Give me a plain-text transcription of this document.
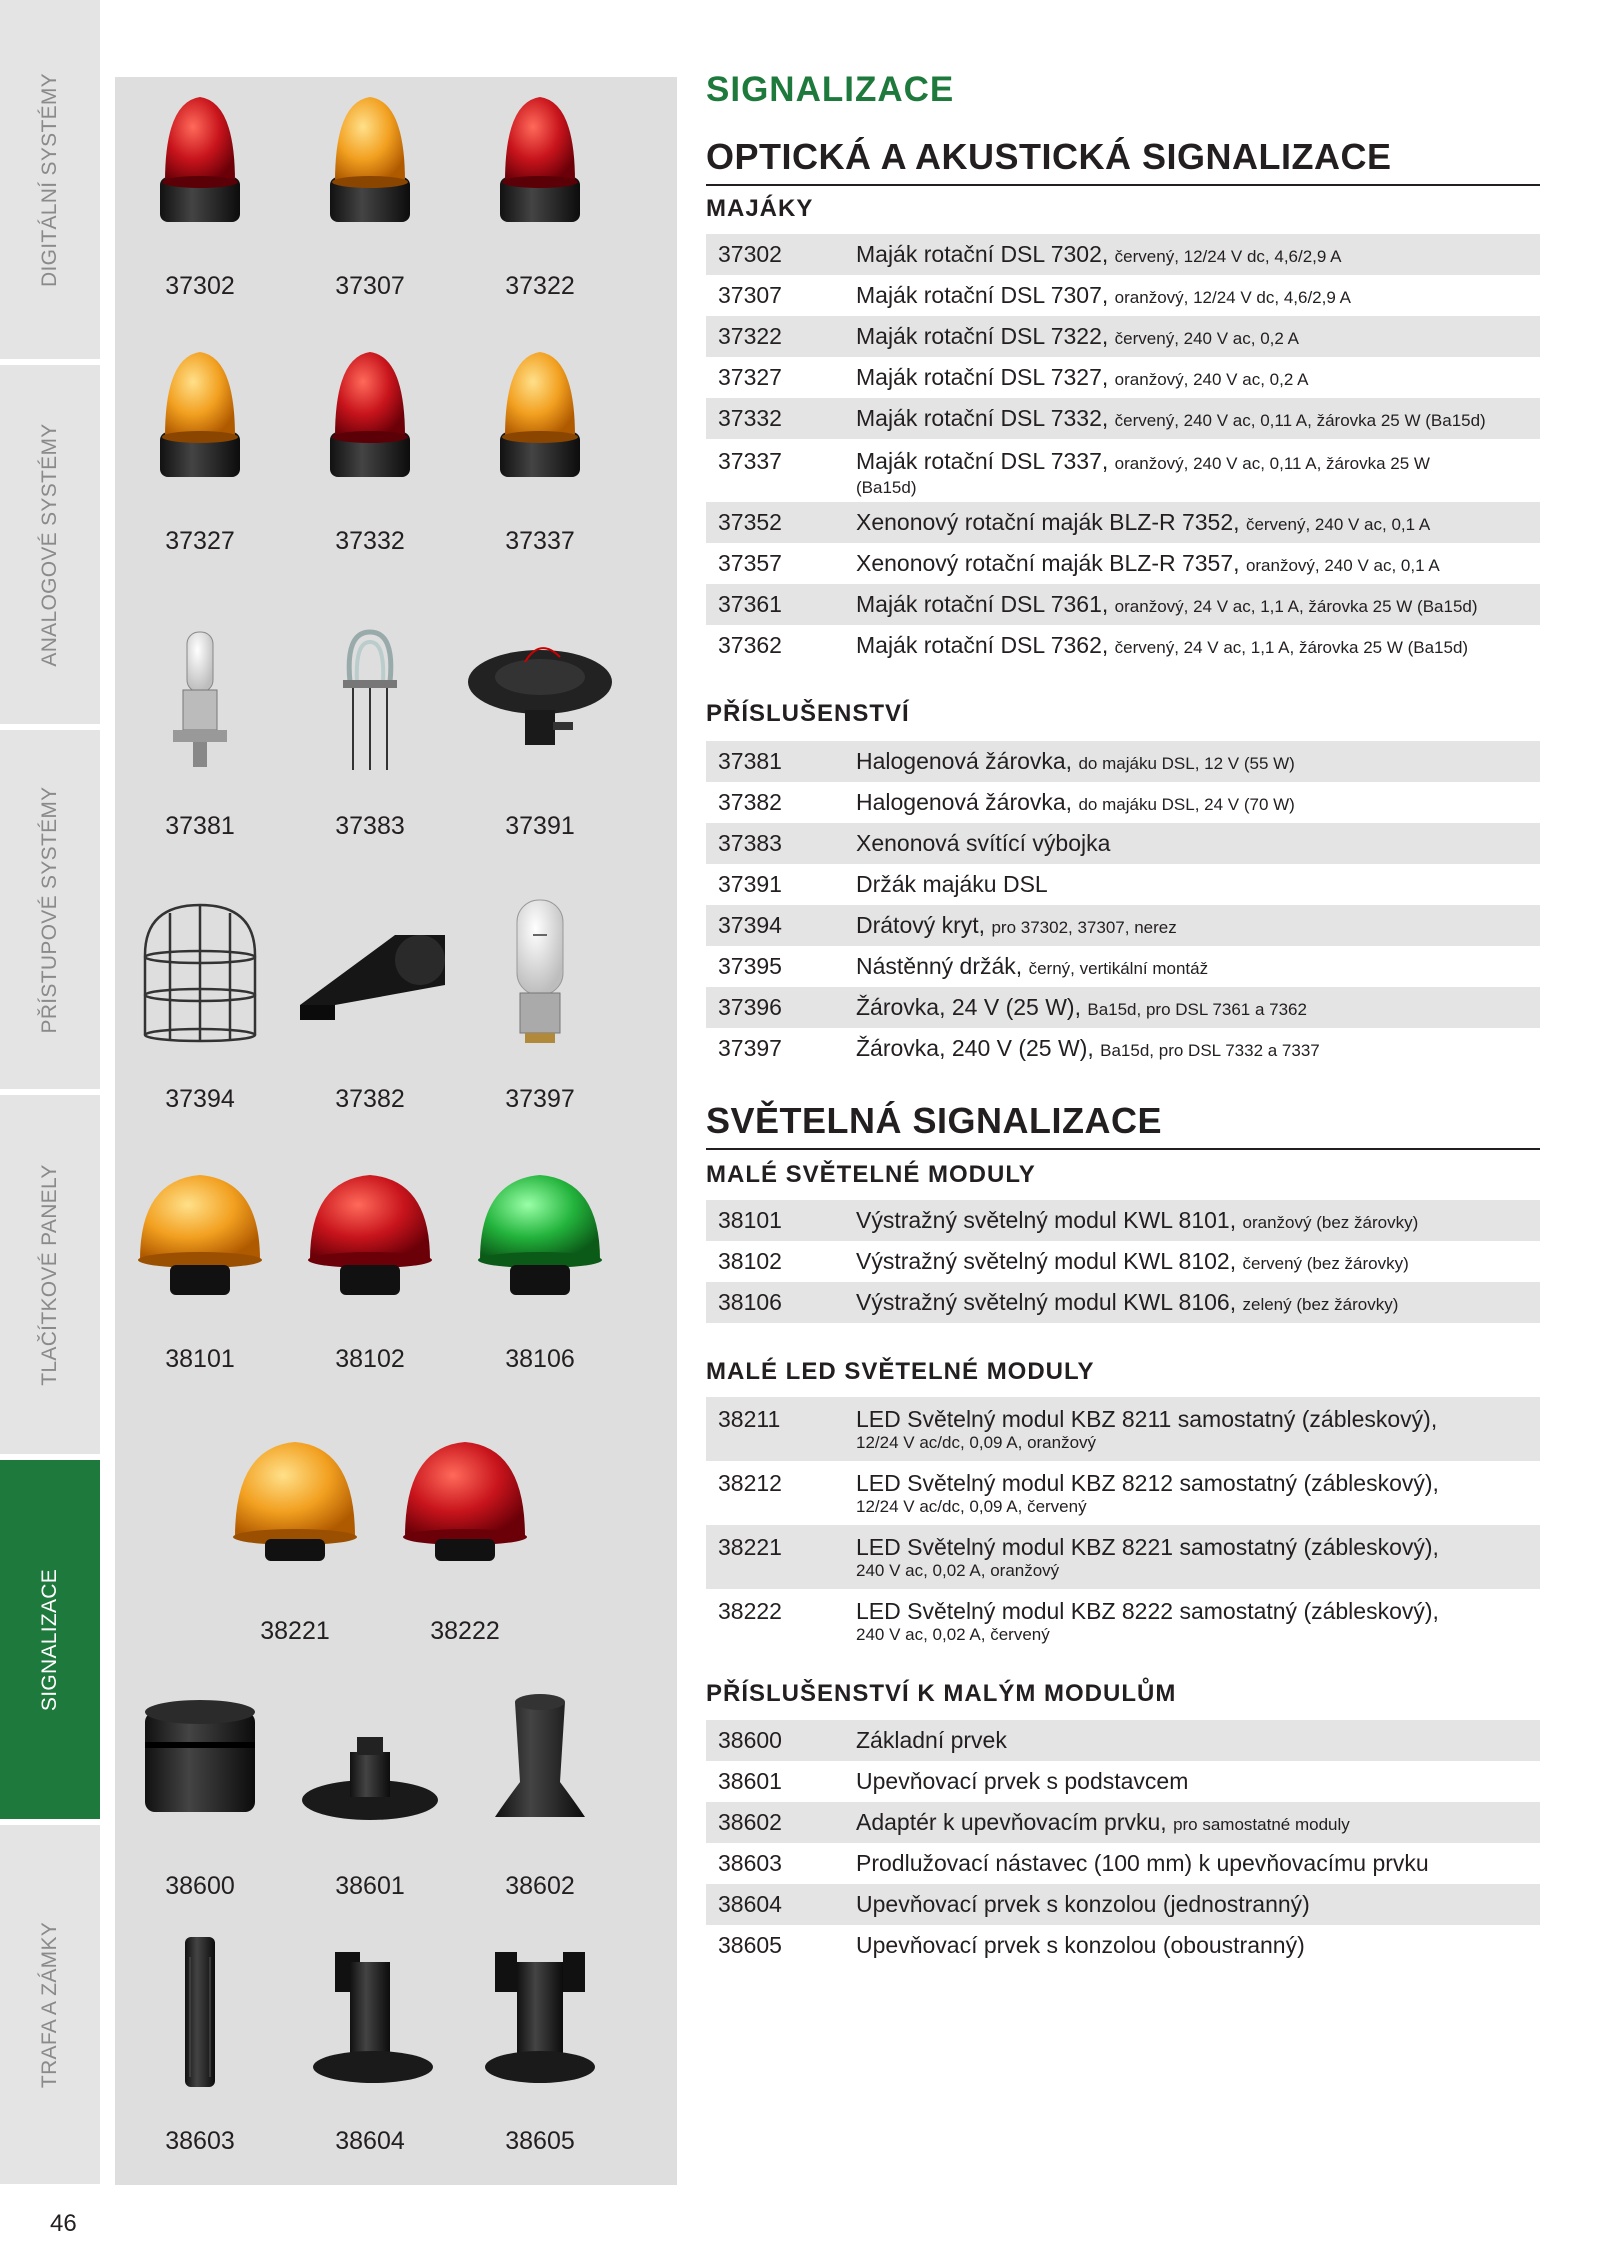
DIGITÁLNÍ SYSTÉMY
ANALOGOVÉ SYSTÉMY
PŘÍSTUPOVÉ SYSTÉMY
TLAČÍTKOVÉ PANELY
SIGNALIZACE
TRAFA A ZÁMKY
46
37302	37307	37322
37327	37332	37337
37381	37383	37391
37394	37382	37397
38101	38102	38106
38221	38222
38600	38601	38602
38603	38604	38605
SIGNALIZACE
OPTICKÁ A AKUSTICKÁ SIGNALIZACE
MAJÁKY
37302	Maják rotační DSL 7302, červený, 12/24 V dc, 4,6/2,9 A
37307	Maják rotační DSL 7307, oranžový, 12/24 V dc, 4,6/2,9 A
37322	Maják rotační DSL 7322, červený, 240 V ac, 0,2 A
37327	Maják rotační DSL 7327, oranžový, 240 V ac, 0,2 A
37332	Maják rotační DSL 7332, červený, 240 V ac, 0,11 A, žárovka 25 W (Ba15d)
37337	Maják rotační DSL 7337, oranžový, 240 V ac, 0,11 A, žárovka 25 W
(Ba15d)
37352	Xenonový rotační maják BLZ-R 7352, červený, 240 V ac, 0,1 A
37357	Xenonový rotační maják BLZ-R 7357, oranžový, 240 V ac, 0,1 A
37361	Maják rotační DSL 7361, oranžový, 24 V ac, 1,1 A, žárovka 25 W (Ba15d)
37362	Maják rotační DSL 7362, červený, 24 V ac, 1,1 A, žárovka 25 W (Ba15d)
PŘÍSLUŠENSTVÍ
37381	Halogenová žárovka, do majáku DSL, 12 V (55 W)
37382	Halogenová žárovka, do majáku DSL, 24 V (70 W)
37383	Xenonová svítící výbojka
37391	Držák majáku DSL
37394	Drátový kryt, pro 37302, 37307, nerez
37395	Nástěnný držák, černý, vertikální montáž
37396	Žárovka, 24 V (25 W), Ba15d, pro DSL 7361 a 7362
37397	Žárovka, 240 V (25 W), Ba15d, pro DSL 7332 a 7337
SVĚTELNÁ SIGNALIZACE
MALÉ SVĚTELNÉ MODULY
38101	Výstražný světelný modul KWL 8101, oranžový (bez žárovky)
38102	Výstražný světelný modul KWL 8102, červený (bez žárovky)
38106	Výstražný světelný modul KWL 8106, zelený (bez žárovky)
MALÉ LED SVĚTELNÉ MODULY
38211	LED Světelný modul KBZ 8211 samostatný (zábleskový),
12/24 V ac/dc, 0,09 A, oranžový
38212	LED Světelný modul KBZ 8212 samostatný (zábleskový),
12/24 V ac/dc, 0,09 A, červený
38221	LED Světelný modul KBZ 8221 samostatný (zábleskový),
240 V ac, 0,02 A, oranžový
38222	LED Světelný modul KBZ 8222 samostatný (zábleskový),
240 V ac, 0,02 A, červený
PŘÍSLUŠENSTVÍ K MALÝM MODULŮM
38600	Základní prvek
38601	Upevňovací prvek s podstavcem
38602	Adaptér k upevňovacím prvku, pro samostatné moduly
38603	Prodlužovací nástavec (100 mm) k upevňovacímu prvku
38604	Upevňovací prvek s konzolou (jednostranný)
38605	Upevňovací prvek s konzolou (oboustranný)
